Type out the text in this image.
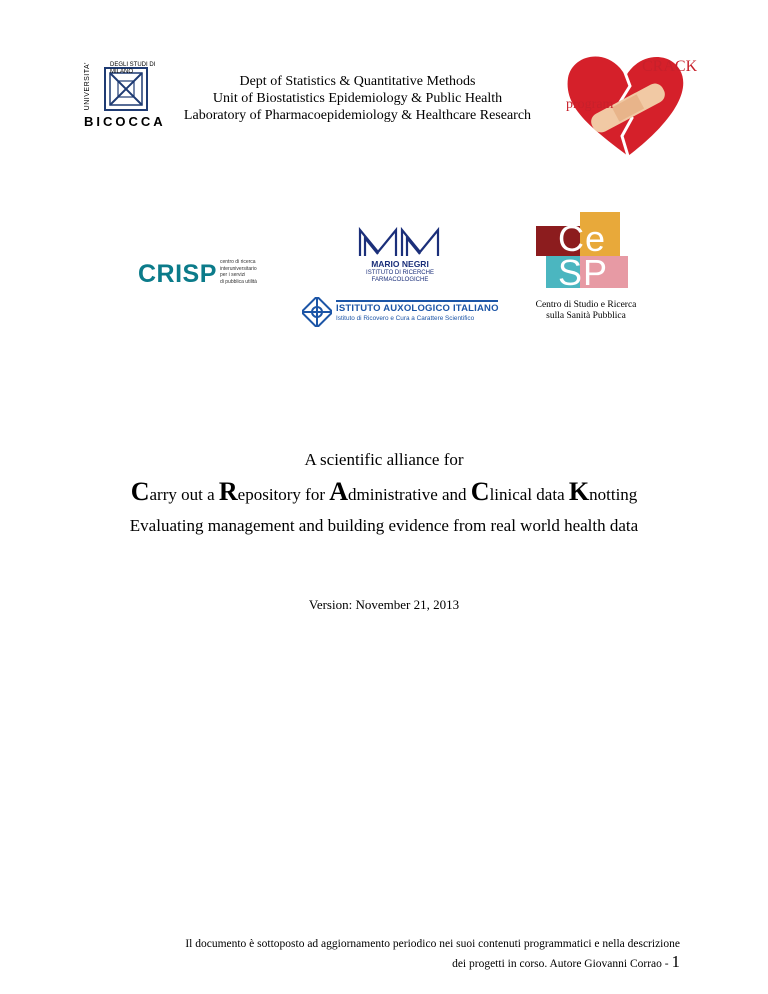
UNIVERSITA'	DEGLI STUDI DI MILANO
BICOCCA
Dept of Statistics & Quantitative Methods
Unit of Biostatistics Epidemiology & Public Health
Laboratory of Pharmacoepidemiology & Healthcare Research
CRACK
program
CRISP centro di ricerca
interuniversitario
per i servizi
di pubblica utilità
MARIO NEGRI
ISTITUTO DI RICERCHE
FARMACOLOGICHE
ISTITUTO AUXOLOGICO ITALIANO
Istituto di Ricovero e Cura a Carattere Scientifico
Ce
SP
Centro di Studio e Ricerca
sulla Sanità Pubblica
A scientific alliance for
Carry out a Repository for Administrative and Clinical data Knotting
Evaluating management and building evidence from real world health data
Version: November 21, 2013
Il documento è sottoposto ad aggiornamento periodico nei suoi contenuti programmatici e nella descrizione
dei progetti in corso. Autore Giovanni Corrao - 1
